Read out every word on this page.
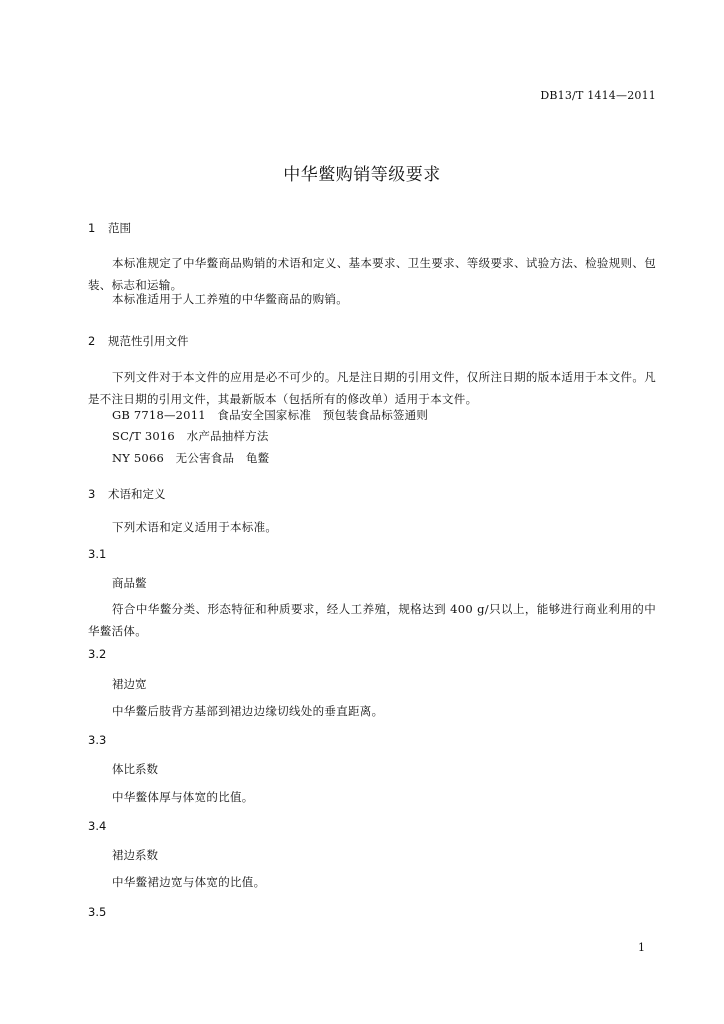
DB13/T 1414—2011
中华鳖购销等级要求
1 范围
本标准规定了中华鳖商品购销的术语和定义、基本要求、卫生要求、等级要求、试验方法、检验规则、包装、标志和运输。
本标准适用于人工养殖的中华鳖商品的购销。
2 规范性引用文件
下列文件对于本文件的应用是必不可少的。凡是注日期的引用文件，仅所注日期的版本适用于本文件。凡是不注日期的引用文件，其最新版本（包括所有的修改单）适用于本文件。
GB 7718—2011　食品安全国家标准　预包装食品标签通则
SC/T 3016　水产品抽样方法
NY 5066　无公害食品　龟鳖
3 术语和定义
下列术语和定义适用于本标准。
3.1
商品鳖
符合中华鳖分类、形态特征和种质要求，经人工养殖，规格达到 400 g/只以上，能够进行商业利用的中华鳖活体。
3.2
裙边宽
中华鳖后肢背方基部到裙边边缘切线处的垂直距离。
3.3
体比系数
中华鳖体厚与体宽的比值。
3.4
裙边系数
中华鳖裙边宽与体宽的比值。
3.5
1
